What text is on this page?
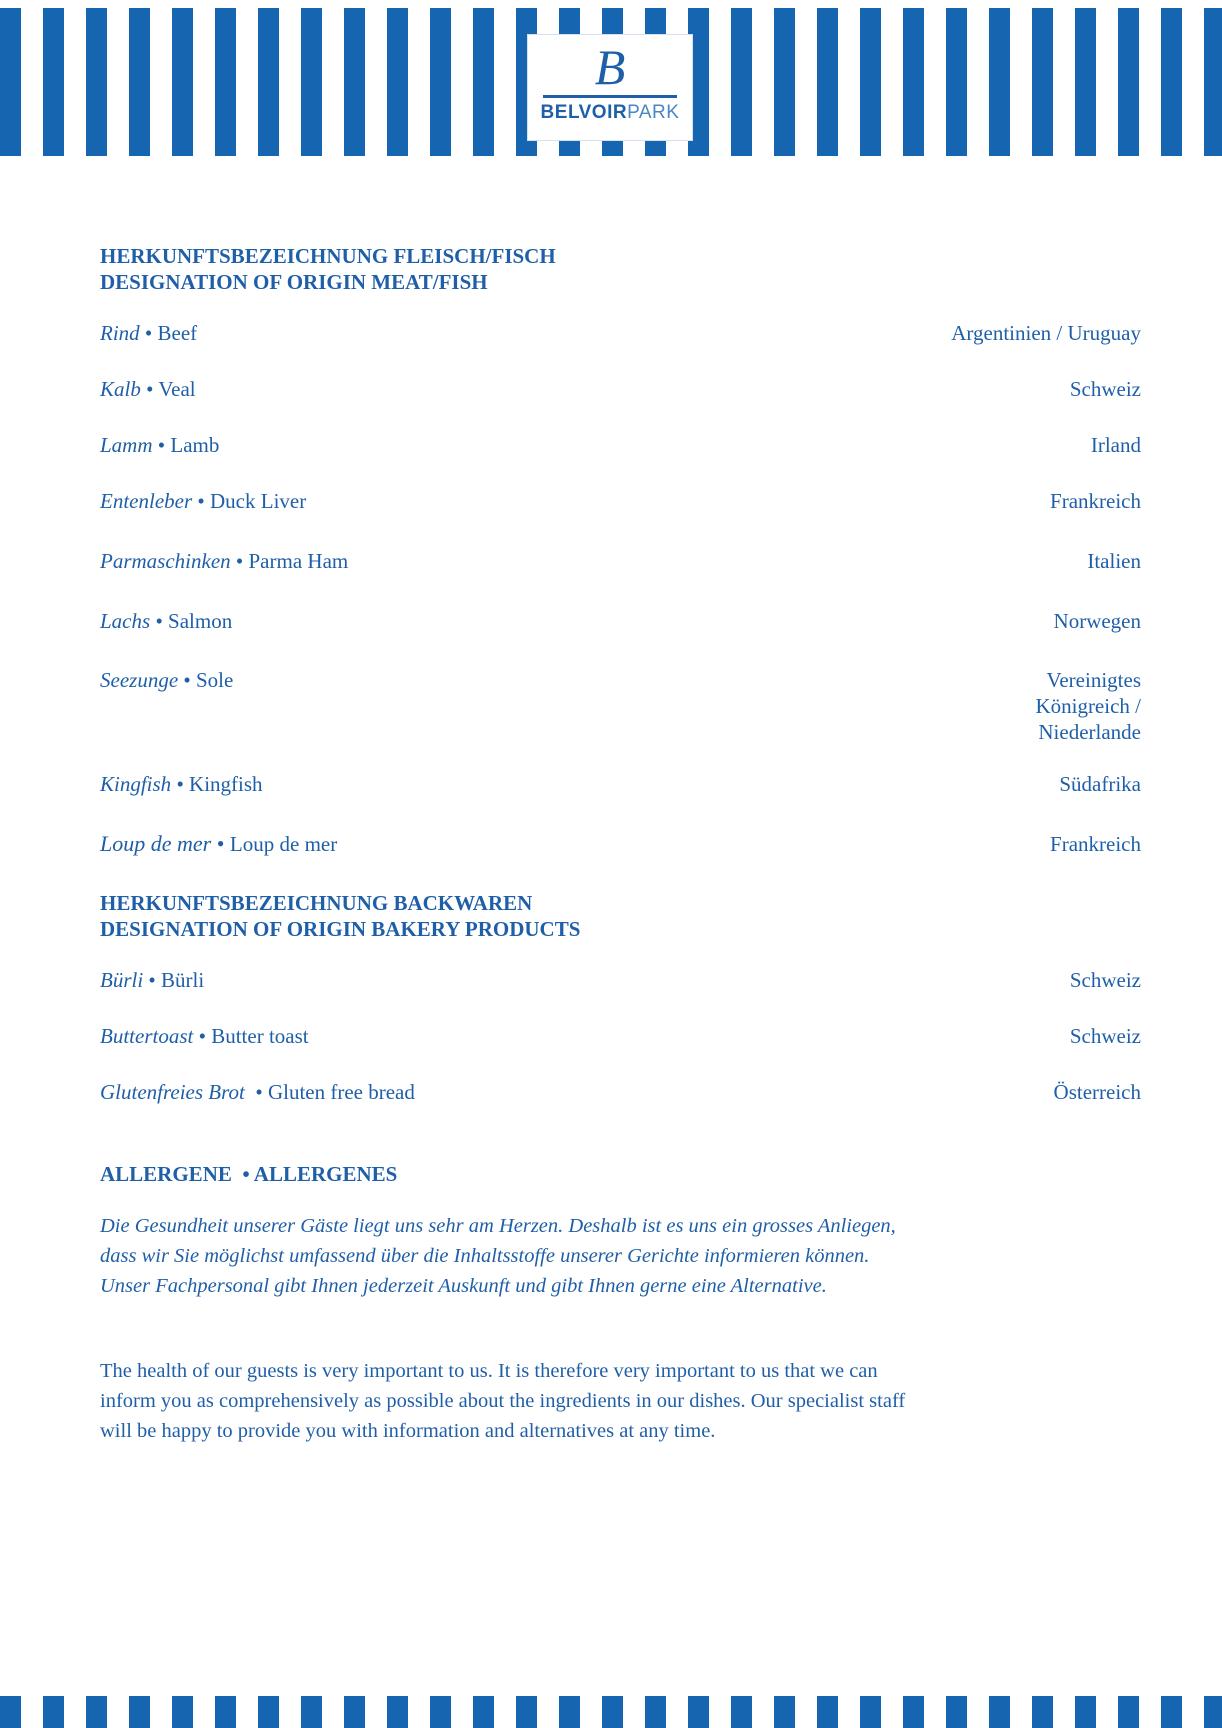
B
BELVOIRPARK
HERKUNFTSBEZEICHNUNG FLEISCH/FISCH
DESIGNATION OF ORIGIN MEAT/FISH
Rind • Beef	Argentinien / Uruguay
Kalb • Veal	Schweiz
Lamm • Lamb	Irland
Entenleber • Duck Liver	Frankreich
Parmaschinken • Parma Ham	Italien
Lachs • Salmon	Norwegen
Seezunge • Sole	Vereinigtes
Königreich /
Niederlande
Kingfish • Kingfish	Südafrika
Loup de mer • Loup de mer	Frankreich
HERKUNFTSBEZEICHNUNG BACKWAREN
DESIGNATION OF ORIGIN BAKERY PRODUCTS
Bürli • Bürli	Schweiz
Buttertoast • Butter toast	Schweiz
Glutenfreies Brot  • Gluten free bread	Österreich
ALLERGENE  • ALLERGENES
Die Gesundheit unserer Gäste liegt uns sehr am Herzen. Deshalb ist es uns ein grosses Anliegen, dass wir Sie möglichst umfassend über die Inhaltsstoffe unserer Gerichte informieren können. Unser Fachpersonal gibt Ihnen jederzeit Auskunft und gibt Ihnen gerne eine Alternative.
The health of our guests is very important to us. It is therefore very important to us that we can inform you as comprehensively as possible about the ingredients in our dishes. Our specialist staff will be happy to provide you with information and alternatives at any time.
